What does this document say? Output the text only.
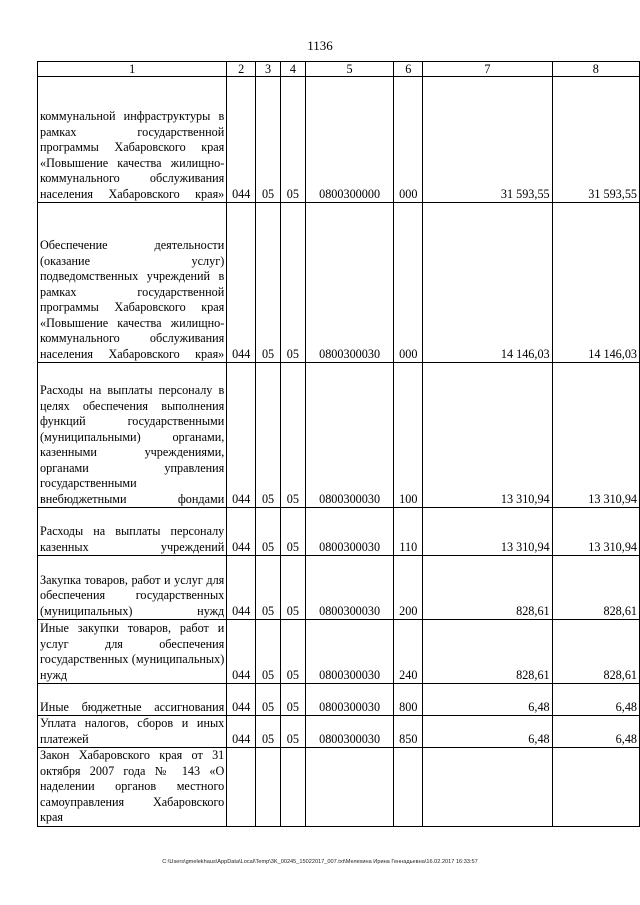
1136
1	2	3	4	5	6	7	8
коммунальной инфраструктуры в рамках государственной программы Хабаровского края «Повышение качества жилищно-коммунального обслуживания населения Хабаровского края»	044	05	05	0800300000	000	31 593,55	31 593,55
Обеспечение деятельности (оказание услуг) подведомственных учреждений в рамках государственной программы Хабаровского края «Повышение качества жилищно-коммунального обслуживания населения Хабаровского края»	044	05	05	0800300030	000	14 146,03	14 146,03
Расходы на выплаты персоналу в целях обеспечения выполнения функций государственными (муниципальными) органами, казенными учреждениями, органами управления государственными внебюджетными фондами	044	05	05	0800300030	100	13 310,94	13 310,94
Расходы на выплаты персоналу казенных учреждений	044	05	05	0800300030	110	13 310,94	13 310,94
Закупка товаров, работ и услуг для обеспечения государственных (муниципальных) нужд	044	05	05	0800300030	200	828,61	828,61
Иные закупки товаров, работ и услуг для обеспечения государственных (муниципальных) нужд	044	05	05	0800300030	240	828,61	828,61
Иные бюджетные ассигнования	044	05	05	0800300030	800	6,48	6,48
Уплата налогов, сборов и иных платежей	044	05	05	0800300030	850	6,48	6,48
Закон Хабаровского края от 31 октября 2007 года № 143 «О наделении органов местного самоуправления Хабаровского края							
C:\Users\gmelekhaus\AppData\Local\Temp\3K_00245_15022017_007.txt\Мелехина Ирина Геннадьевна\16.02.2017 16:33:57
